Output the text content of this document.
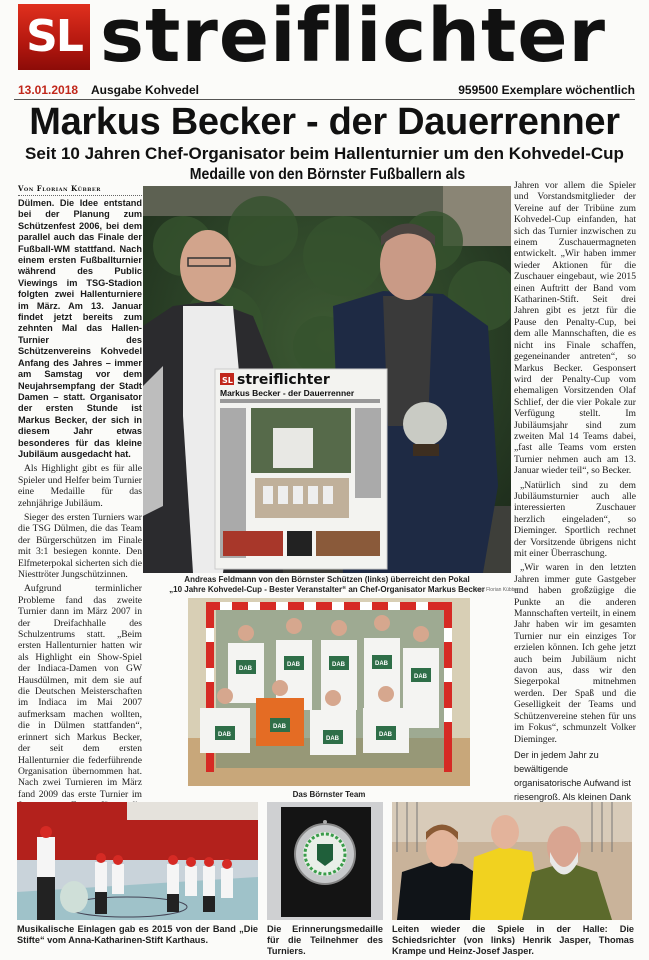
SL streiflichter
13.01.2018 Ausgabe Kohvedel	959500 Exemplare wöchentlich
Markus Becker - der Dauerrenner
Seit 10 Jahren Chef-Organisator beim Hallenturnier um den Kohvedel-Cup
Medaille von den Börnster Fußballern als
Von Florian Kübber

Dülmen. Die Idee entstand bei der Planung zum Schützenfest 2006, bei dem parallel auch das Finale der Fußball-WM stattfand. Nach einem ersten Fußballturnier während des Public Viewings im TSG-Stadion folgten zwei Hallenturniere im März. Am 13. Januar findet jetzt bereits zum zehnten Mal das Hallen-Turnier des Schützenvereins Kohvedel Anfang des Jahres – immer am Samstag vor dem Neujahrsempfang der Stadt Damen – statt. Organisator der ersten Stunde ist Markus Becker, der sich in diesem Jahr etwas besonderes für das kleine Jubiläum ausgedacht hat.

Als Highlight gibt es für alle Spieler und Helfer beim Turnier eine Medaille für das zehnjährige Jubiläum.

Sieger des ersten Turniers war die TSG Dülmen, die das Team der Bürgerschützen im Finale mit 3:1 besiegen konnte. Den Elfmeterpokal sicherten sich die Niesttröter Jungschützinnen.

Aufgrund terminlicher Probleme fand das zweite Turnier dann im März 2007 in der Dreifachhalle des Schulzentrums statt. „Beim ersten Hallenturnier hatten wir als Highlight ein Show-Spiel der Indiaca-Damen von GW Hausdülmen, mit dem sie auf die Deutschen Meisterschaften im Indiaca im Mai 2007 aufmerksam machen wollten, die in Dülmen stattfanden“, erinnert sich Markus Becker, der seit dem ersten Hallenturnier die federführende Organisation übernommen hat. Nach zwei Turnieren im März fand 2009 das erste Turnier im

SL streiflichter
Markus Becker - der Dauerrenner
Andreas Feldmann von den Börnster Schützen (links) überreicht den Pokal
„10 Jahre Kohvedel-Cup - Bester Veranstalter“ an Chef-Organisator Markus Becker
foto: Florian Kübber
DAB
DAB	DAB	DAB
DAB
DAB
DAB
DAB
DAB
Das Börnster Team

Jahren vor allem die Spieler und Vorstandsmitglieder der Vereine auf der Tribüne zum Kohvedel-Cup einfanden, hat sich das Turnier inzwischen zu einem Zuschauermagneten entwickelt. „Wir haben immer wieder Aktionen für die Zuschauer eingebaut, wie 2015 einen Auftritt der Band vom Katharinen-Stift. Seit drei Jahren gibt es jetzt für die Pause den Penalty-Cup, bei dem alle Mannschaften, die es nicht ins Finale schaffen, gegeneinander antreten“, so Markus Becker. Gesponsert wird der Penalty-Cup vom ehemaligen Vorsitzenden Olaf Schlief, der die vier Pokale zur Verfügung stellt. Im Jubiläumsjahr sind zum zweiten Mal 14 Teams dabei, „fast alle Teams vom ersten Turnier nehmen auch am 13. Januar wieder teil“, so Becker.

„Natürlich sind zu dem Jubiläumsturnier auch alle interessierten Zuschauer herzlich eingeladen“, so Dieminger. Sportlich rechnet der Vorsitzende übrigens nicht mit einer Überraschung.

„Wir waren in den letzten Jahren immer gute Gastgeber und haben großzügige die Punkte an die anderen Mannschaften verteilt, in einem Jahr haben wir im gesamten Turnier nur ein einziges Tor erzielen können. Ich gehe jetzt auch beim Jubiläum nicht davon aus, dass wir den Siegerpokal mitnehmen werden. Der Spaß und die Geselligkeit der Teams und Schützenvereine stehen für uns im Fokus“, schmunzelt Volker Dieminger.

Der in jedem Jahr zu bewältigende organisatorische Aufwand ist riesengroß. Als kleinen Dank

Musikalische Einlagen gab es 2015 von der Band „Die Stifte“ vom Anna-Katharinen-Stift Karthaus.
Die Erinnerungsmedaille für die Teilnehmer des Turniers.
Leiten wieder die Spiele in der Halle: Die Schiedsrichter (von links) Henrik Jasper, Thomas Krampe und Heinz-Josef Jasper.
